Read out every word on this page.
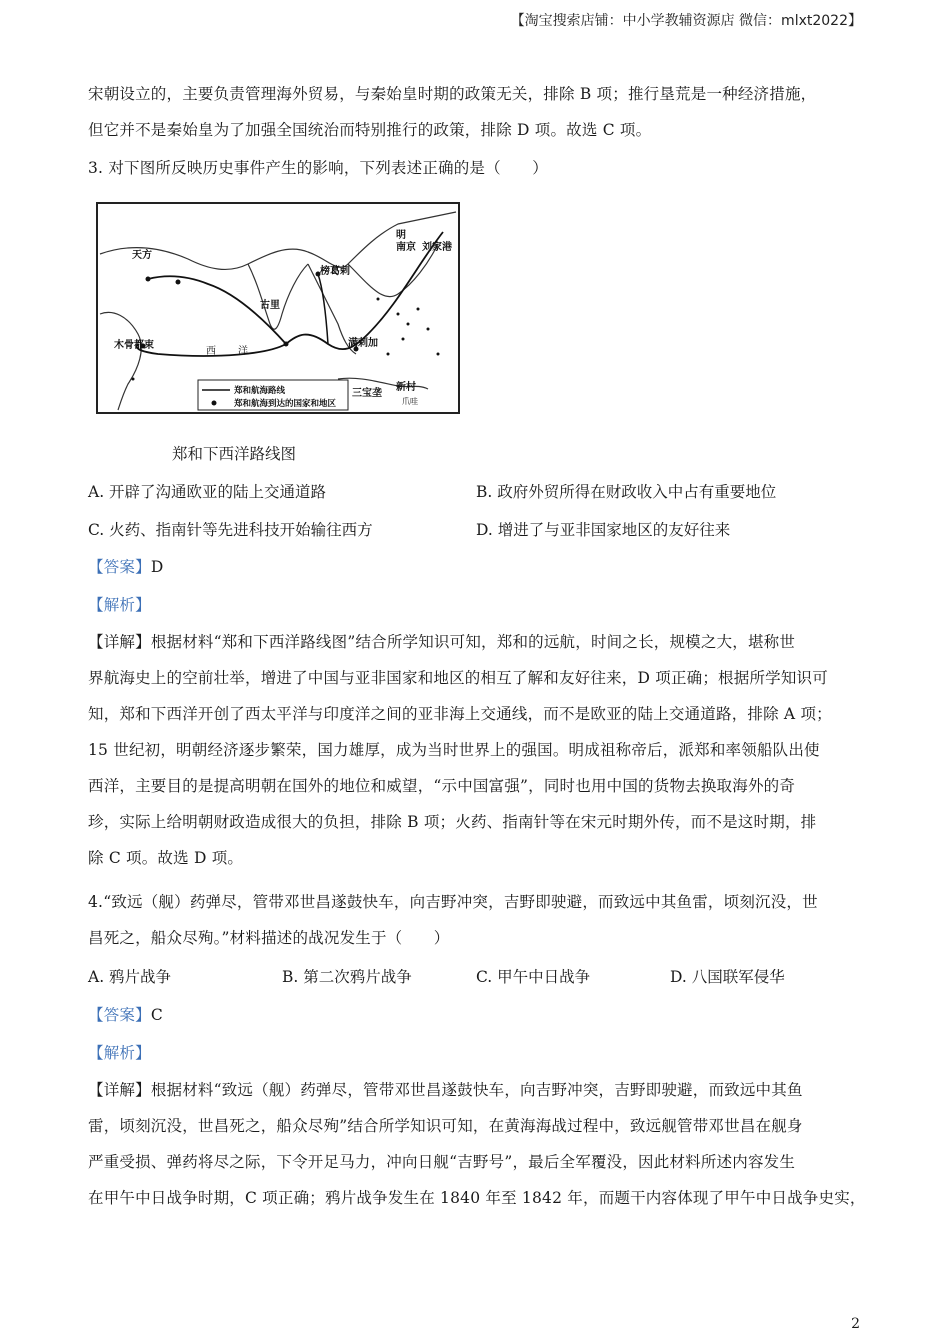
【淘宝搜索店铺：中小学教辅资源店 微信：mlxt2022】
宋朝设立的，主要负责管理海外贸易，与秦始皇时期的政策无关，排除 B 项；推行垦荒是一种经济措施，
但它并不是秦始皇为了加强全国统治而特别推行的政策，排除 D 项。故选 C 项。
3. 对下图所反映历史事件产生的影响，下列表述正确的是（　　）
明
南京 刘家港
天方
古里
榜葛剌
满剌加
木骨都束
三宝垄
新村
爪哇
西 洋
郑和航海路线
郑和航海到达的国家和地区
郑和下西洋路线图
A. 开辟了沟通欧亚的陆上交通道路	B. 政府外贸所得在财政收入中占有重要地位
C. 火药、指南针等先进科技开始输往西方	D. 增进了与亚非国家地区的友好往来
【答案】D
【解析】
【详解】根据材料“郑和下西洋路线图”结合所学知识可知，郑和的远航，时间之长，规模之大，堪称世
界航海史上的空前壮举，增进了中国与亚非国家和地区的相互了解和友好往来，D 项正确；根据所学知识可
知，郑和下西洋开创了西太平洋与印度洋之间的亚非海上交通线，而不是欧亚的陆上交通道路，排除 A 项；
15 世纪初，明朝经济逐步繁荣，国力雄厚，成为当时世界上的强国。明成祖称帝后，派郑和率领船队出使
西洋，主要目的是提高明朝在国外的地位和威望，“示中国富强”，同时也用中国的货物去换取海外的奇
珍，实际上给明朝财政造成很大的负担，排除 B 项；火药、指南针等在宋元时期外传，而不是这时期，排
除 C 项。故选 D 项。
4.“致远（舰）药弹尽，管带邓世昌遂鼓快车，向吉野冲突，吉野即驶避，而致远中其鱼雷，顷刻沉没，世
昌死之，船众尽殉。”材料描述的战况发生于（　　）
A. 鸦片战争	B. 第二次鸦片战争	C. 甲午中日战争	D. 八国联军侵华
【答案】C
【解析】
【详解】根据材料“致远（舰）药弹尽，管带邓世昌遂鼓快车，向吉野冲突，吉野即驶避，而致远中其鱼
雷，顷刻沉没，世昌死之，船众尽殉”结合所学知识可知，在黄海海战过程中，致远舰管带邓世昌在舰身
严重受损、弹药将尽之际，下令开足马力，冲向日舰“吉野号”，最后全军覆没，因此材料所述内容发生
在甲午中日战争时期，C 项正确；鸦片战争发生在 1840 年至 1842 年，而题干内容体现了甲午中日战争史实，
2
